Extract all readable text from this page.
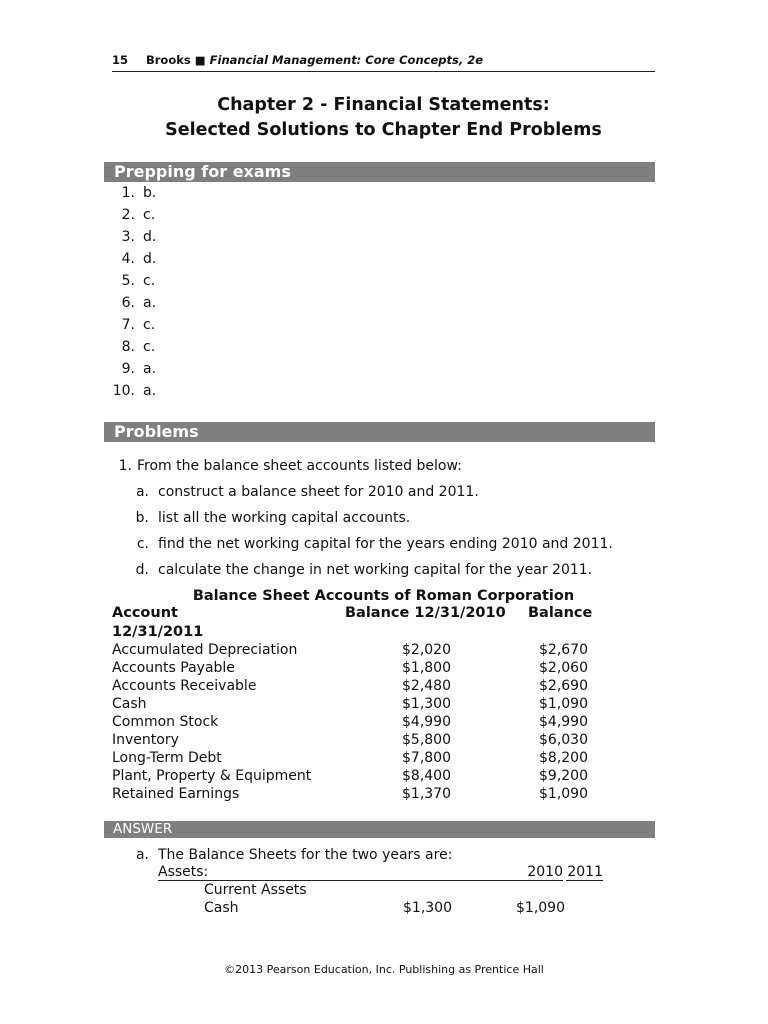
15 Brooks ■ Financial Management: Core Concepts, 2e
Chapter 2 - Financial Statements:
Selected Solutions to Chapter End Problems
Prepping for exams
1. b.
2. c.
3. d.
4. d.
5. c.
6. a.
7. c.
8. c.
9. a.
10. a.
Problems
1. From the balance sheet accounts listed below:
a. construct a balance sheet for 2010 and 2011.
b. list all the working capital accounts.
c. find the net working capital for the years ending 2010 and 2011.
d. calculate the change in net working capital for the year 2011.
Balance Sheet Accounts of Roman Corporation
Account	Balance 12/31/2010 Balance
12/31/2011
Accumulated Depreciation	$2,020	$2,670
Accounts Payable	$1,800	$2,060
Accounts Receivable	$2,480	$2,690
Cash	$1,300	$1,090
Common Stock	$4,990	$4,990
Inventory	$5,800	$6,030
Long-Term Debt	$7,800	$8,200
Plant, Property & Equipment	$8,400	$9,200
Retained Earnings	$1,370	$1,090
ANSWER
a. The Balance Sheets for the two years are:
Assets:	2010 2011
Current Assets
Cash	$1,300	$1,090
©2013 Pearson Education, Inc. Publishing as Prentice Hall
